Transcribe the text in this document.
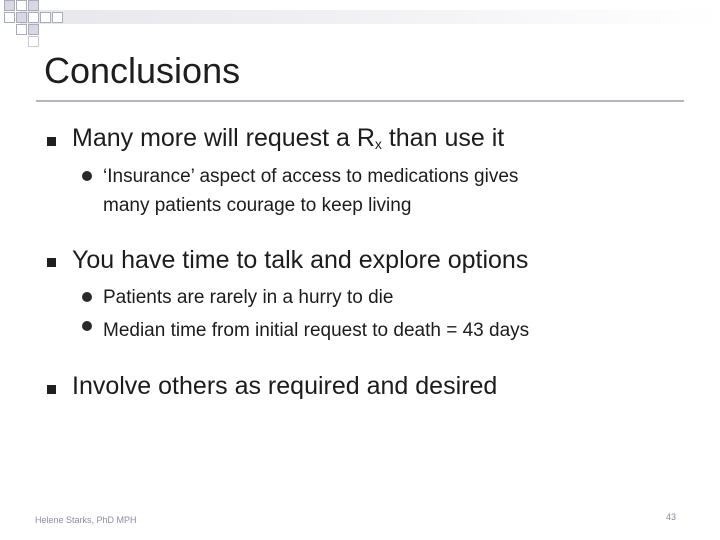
Conclusions
Many more will request a $R_x$ than use it
‘Insurance’ aspect of access to medications gives
many patients courage to keep living
You have time to talk and explore options
Patients are rarely in a hurry to die
Median time from initial request to death = 43 days
Involve others as required and desired
Helene Starks, PhD MPH	43
